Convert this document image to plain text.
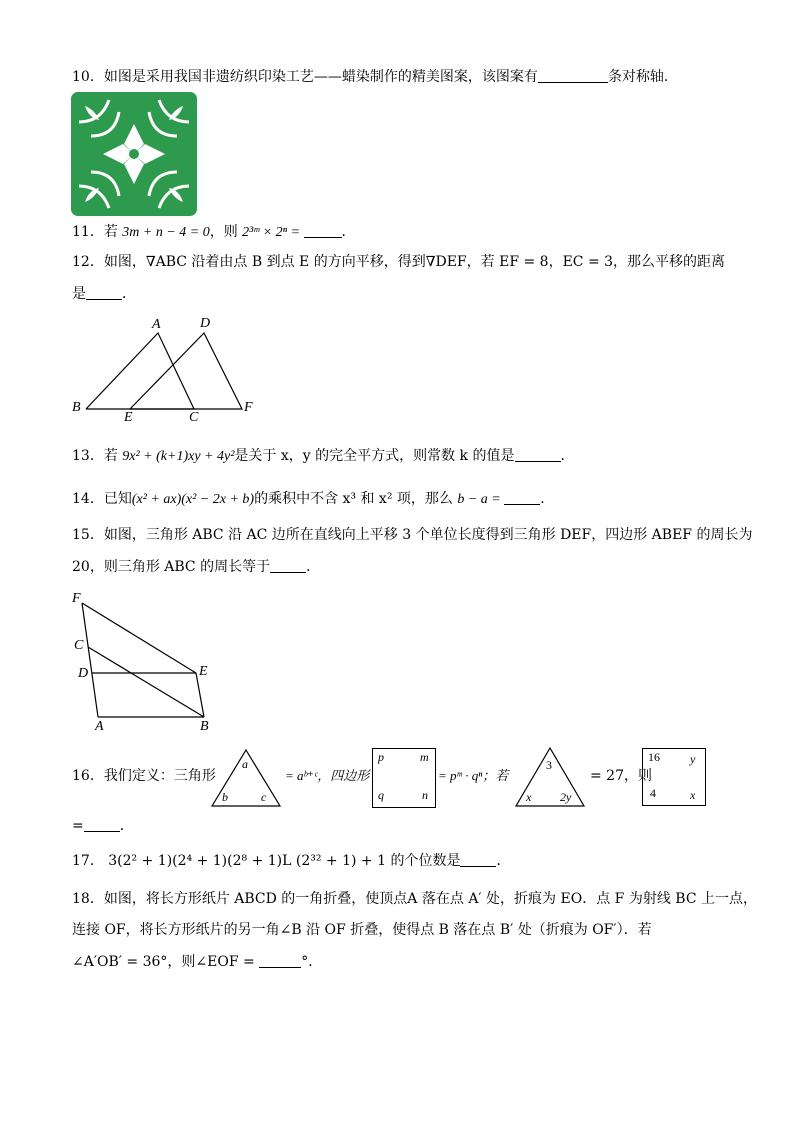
10．如图是采用我国非遗纺织印染工艺——蜡染制作的精美图案，该图案有	条对称轴．
11．若 3m + n − 4 = 0，则 2³ᵐ × 2ⁿ =	．
12．如图，∇ABC 沿着由点 B 到点 E 的方向平移，得到∇DEF，若 EF = 8，EC = 3，那么平移的距离
是	．
A	D
B
E	C
F
13．若 9x² + (k+1)xy + 4y²是关于 x，y 的完全平方式，则常数 k 的值是	．
14．已知(x² + ax)(x² − 2x + b)的乘积中不含 x³ 和 x² 项，那么 b − a =	．
15．如图，三角形 ABC 沿 AC 边所在直线向上平移 3 个单位长度得到三角形 DEF，四边形 ABEF 的周长为
20，则三角形 ABC 的周长等于	．
F
C
D	E
A	B
16．我们定义：三角形
a
b	c
= aᵇ⁺ᶜ，四边形
p	m
q	n
= pᵐ · qⁿ；若
3
x 2y
= 27，则
16	y
4	x
=	．
17． 3(2² + 1)(2⁴ + 1)(2⁸ + 1)L (2³² + 1) + 1 的个位数是	．
18．如图，将长方形纸片 ABCD 的一角折叠，使顶点A 落在点 A′ 处，折痕为 EO．点 F 为射线 BC 上一点，
连接 OF，将长方形纸片的另一角∠B 沿 OF 折叠，使得点 B 落在点 B′ 处（折痕为 OF′）．若
∠A′OB′ = 36°，则∠EOF =	°．
